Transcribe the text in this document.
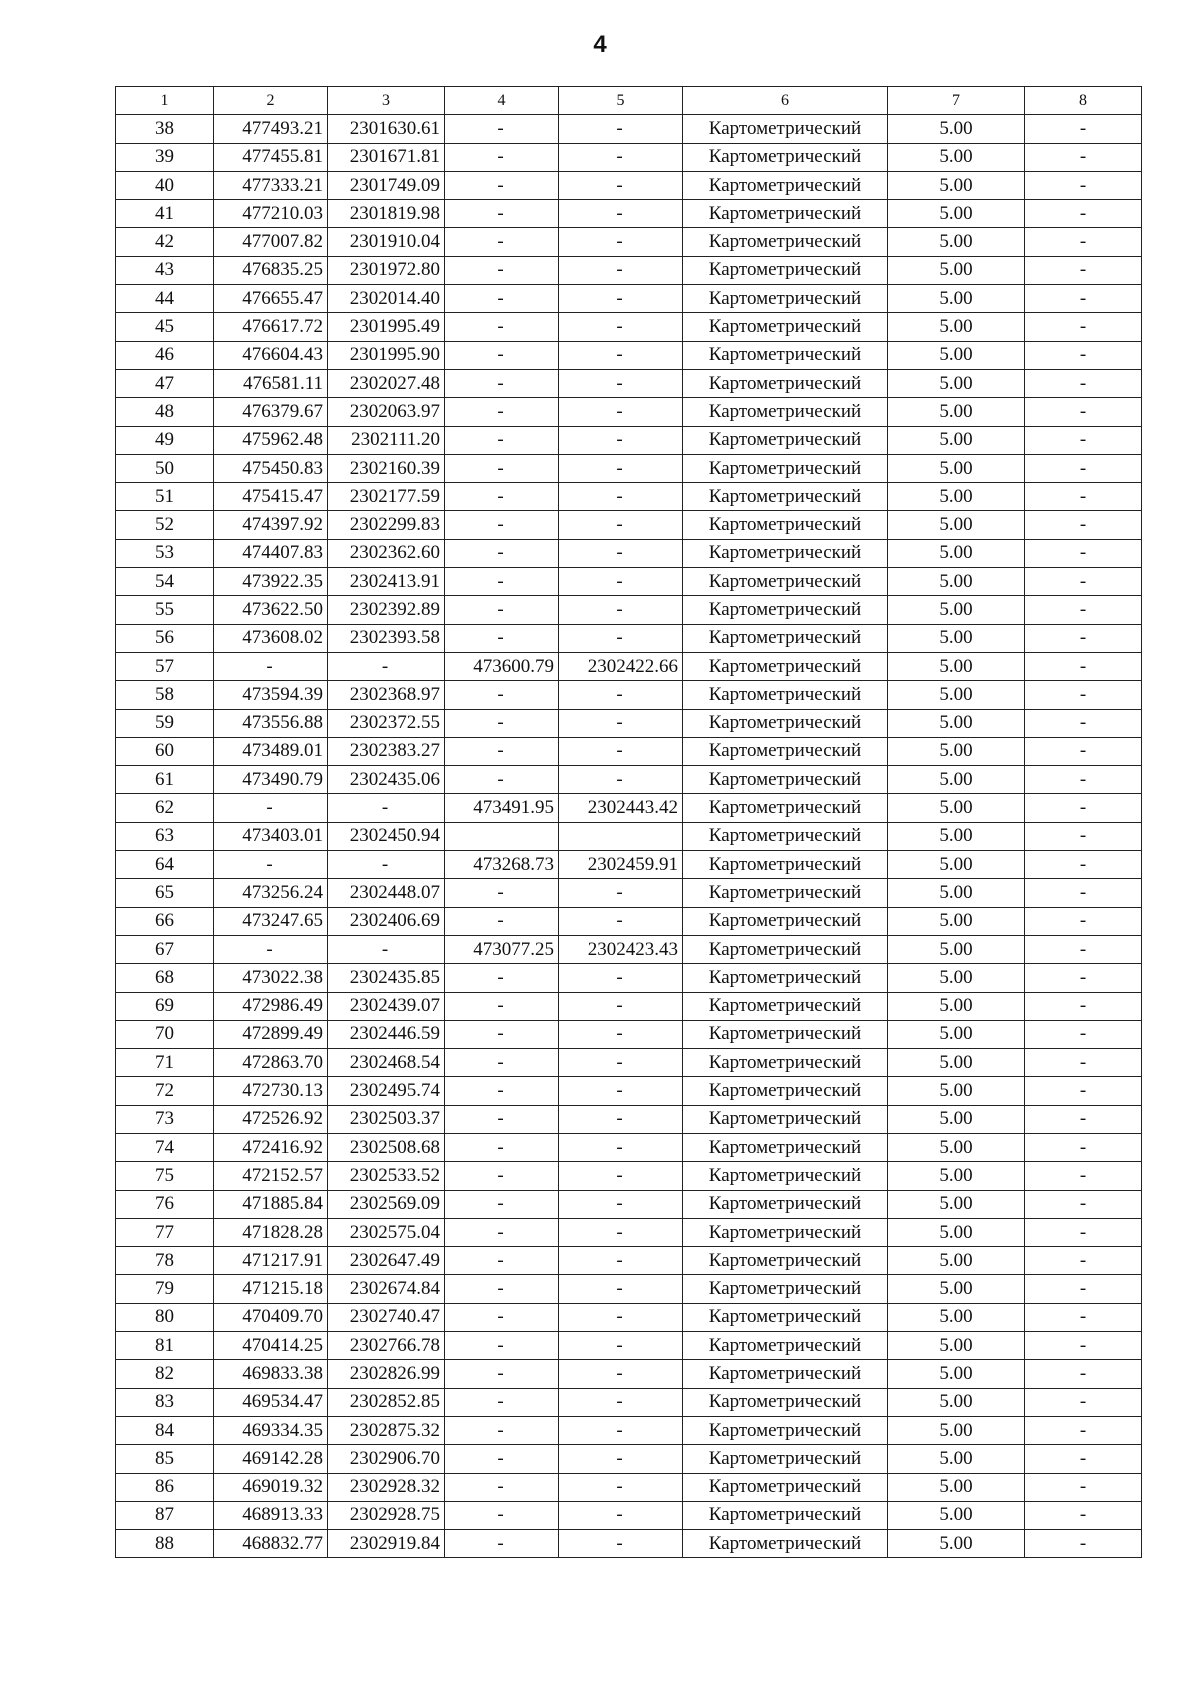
4
1	2	3	4	5	6	7	8
38	477493.21	2301630.61	-	-	Картометрический	5.00	-
39	477455.81	2301671.81	-	-	Картометрический	5.00	-
40	477333.21	2301749.09	-	-	Картометрический	5.00	-
41	477210.03	2301819.98	-	-	Картометрический	5.00	-
42	477007.82	2301910.04	-	-	Картометрический	5.00	-
43	476835.25	2301972.80	-	-	Картометрический	5.00	-
44	476655.47	2302014.40	-	-	Картометрический	5.00	-
45	476617.72	2301995.49	-	-	Картометрический	5.00	-
46	476604.43	2301995.90	-	-	Картометрический	5.00	-
47	476581.11	2302027.48	-	-	Картометрический	5.00	-
48	476379.67	2302063.97	-	-	Картометрический	5.00	-
49	475962.48	2302111.20	-	-	Картометрический	5.00	-
50	475450.83	2302160.39	-	-	Картометрический	5.00	-
51	475415.47	2302177.59	-	-	Картометрический	5.00	-
52	474397.92	2302299.83	-	-	Картометрический	5.00	-
53	474407.83	2302362.60	-	-	Картометрический	5.00	-
54	473922.35	2302413.91	-	-	Картометрический	5.00	-
55	473622.50	2302392.89	-	-	Картометрический	5.00	-
56	473608.02	2302393.58	-	-	Картометрический	5.00	-
57	-	-	473600.79	2302422.66	Картометрический	5.00	-
58	473594.39	2302368.97	-	-	Картометрический	5.00	-
59	473556.88	2302372.55	-	-	Картометрический	5.00	-
60	473489.01	2302383.27	-	-	Картометрический	5.00	-
61	473490.79	2302435.06	-	-	Картометрический	5.00	-
62	-	-	473491.95	2302443.42	Картометрический	5.00	-
63	473403.01	2302450.94			Картометрический	5.00	-
64	-	-	473268.73	2302459.91	Картометрический	5.00	-
65	473256.24	2302448.07	-	-	Картометрический	5.00	-
66	473247.65	2302406.69	-	-	Картометрический	5.00	-
67	-	-	473077.25	2302423.43	Картометрический	5.00	-
68	473022.38	2302435.85	-	-	Картометрический	5.00	-
69	472986.49	2302439.07	-	-	Картометрический	5.00	-
70	472899.49	2302446.59	-	-	Картометрический	5.00	-
71	472863.70	2302468.54	-	-	Картометрический	5.00	-
72	472730.13	2302495.74	-	-	Картометрический	5.00	-
73	472526.92	2302503.37	-	-	Картометрический	5.00	-
74	472416.92	2302508.68	-	-	Картометрический	5.00	-
75	472152.57	2302533.52	-	-	Картометрический	5.00	-
76	471885.84	2302569.09	-	-	Картометрический	5.00	-
77	471828.28	2302575.04	-	-	Картометрический	5.00	-
78	471217.91	2302647.49	-	-	Картометрический	5.00	-
79	471215.18	2302674.84	-	-	Картометрический	5.00	-
80	470409.70	2302740.47	-	-	Картометрический	5.00	-
81	470414.25	2302766.78	-	-	Картометрический	5.00	-
82	469833.38	2302826.99	-	-	Картометрический	5.00	-
83	469534.47	2302852.85	-	-	Картометрический	5.00	-
84	469334.35	2302875.32	-	-	Картометрический	5.00	-
85	469142.28	2302906.70	-	-	Картометрический	5.00	-
86	469019.32	2302928.32	-	-	Картометрический	5.00	-
87	468913.33	2302928.75	-	-	Картометрический	5.00	-
88	468832.77	2302919.84	-	-	Картометрический	5.00	-
